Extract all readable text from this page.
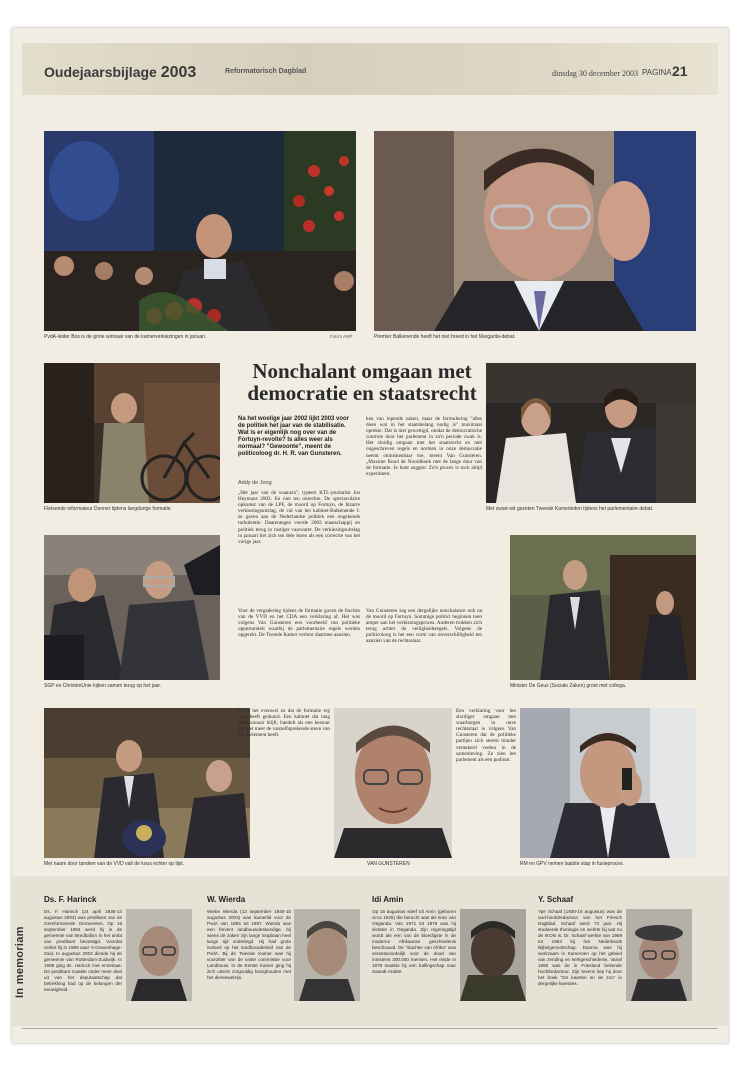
Oudejaarsbijlage 2003	Reformatorisch Dagblad	dinsdag 30 december 2003 PAGINA 21
PvdA-leider Bos is de grote winnaar van de kamerverkiezingen in januari.	Foto's ANP	Premier Balkenende heeft het niet breed in het Margarita-debat.
Fietsende informateur Donner tijdens langdurige formatie.
Nonchalant omgaan met
democratie en staatsrecht
Met zwart-wit gezeten Tweede Kamerleden tijdens het parlementaire debat.
Na het woelige jaar 2002 lijkt 2003 voor de politiek het jaar van de stabilisatie. Wat is er eigenlijk nog over van de Fortuyn-revolte? Is alles weer als normaal? "Gewoonte", meent de politicoloog dr. H. R. van Gunsteren.
Addy de Jong
„Het jaar van de waanzin", typeert KTL-journalist Jos Heymans 2002. En niet ten onrechte. De spectaculaire opkomst van de LPF, de moord op Fortuyn, de bizarre verkiezingsuitslag, de val van het kabinet-Balkenende I: ze gaven aan de Nederlandse politiek een ongekende turbulentie. Daarentegen voerde 2003 maatschappij en politiek terug in rustiger vaarwater. De verkiezingsuitslag in januari liet zich ten dele lezen als een correctie van het vorige jaar.
ken van lopende zaken, maar de formulering "alles doen wat in het staatsbelang nodig is" maximaal oprekte. Dat is niet gewettigd, omdat de democratische controle door het parlement in zo'n periode zwak is. Het slordig omgaan met het staatsrecht en met ongeschreven regels en normen in onze democratie neemt onmiskenbaar toe, meent Van Gunsteren. „Maxime Rood de Noordhoek met de lange duur van de formatie. Je kunt zeggen: Zo'n proces is toch altijd experiment.
SGP en ChristenUnie kijken samen terug op het jaar.	Minister De Geus (Sociale Zaken) groet met collega.
Voor de vergadering tijdens de formatie gaven de fracties van de VVD en het CDA een verklaring af. Het was volgens Van Gunsteren een voorbeeld van politieke opportuniteit waarbij de parlementaire regels werden opgerekt. De Tweede Kamer verloor daarmee aanzien.
Van Gunsteren zag een dergelijke nonchalance ook na de moord op Fortuyn. Sommige politici beginnen toen amper aan het verkiezingsproces. Anderen trokken zich terug achter de veiligheidsregels. Volgens de politicoloog is het een vorm van onverschilligheid ten aanzien van de rechtsstaat.
Met naam door tandem van de VVD valt de kous echter op lijst.
Nu is het evenwel zo dat de formatie erg lang heeft geduurd. Een kabinet dat lang demissionair blijft, handelt als een bestuur dat niet meer de vanzelfsprekende steun van het parlement heeft.
VAN GUNSTEREN
Een verklaring voor het slordiger omgaan met waarborgen in onze rechtsstaat is volgens Van Gunsteren dat de politieke partijen zich steeds minder verankerd voelen in de samenleving. Ze zien het parlement als een podium.
RM en GPV nemen laatste stap in fusieproces.
In memoriam
Ds. F. Harinck
Ds. F. Harinck (24 april 1935-14 augustus 2003) was predikant van de Gereformeerde Gemeenten. Op 16 september 1964 werd hij in de gemeente van Bredballon in het ambt van predikant bevestigd. Voordat verliet hij in 1969 naar 's-Gravenhage-Zuid. In augustus 2003 diende hij de gemeente van Rotterdam-Zuidwijk. In 1998 ging ds. Harinck met emeritaat. De predikant maakte onder meer deel uit van het deputaatschap dat betrekking had op de belangen der eeuwigheid.
W. Wierda
Wiebe Wierda (13 september 1948-15 augustus 2003) was kamerlid voor de PvdA van 1994 tot 1997. Wierda was een fervent landbouwdeskundige, bij wiens de zaken zijn lange loopbaan heel lange tijd onderlegd. Hij had grote invloed op het landbouwbeleid van de PvdA. Bij de Tweede Kamer was hij voorzitter van de vaste commissie voor Landbouw. In de Eerste Kamer ging hij zich uiterst zorgvuldig bezighouden met het dierenwelzijn.
Idi Amin
Op 16 augustus stierf Idi Amin (geboren circa 1925) die berucht was als tiran van Oeganda. Van 1971 tot 1979 was hij dictator in Oeganda. Zijn regeringstijd wordt als een van de bloedigste in de moderne Afrikaanse geschiedenis beschouwd. De "slachter van Afrika" was verantwoordelijk voor de dood van minstens 300.000 mensen. Het einde in 1979 maakte hij een ballingschap naar Saoedi-Arabië.
Y. Schaaf
Ype Schaaf (1930-16 augustus) was de oud-hoofdredacteur van het Friesch Dagblad. Schaaf werd 73 jaar. Hij studeerde theologie en werkte bij wat nu de IKON is. Dr. Schaaf werkte van 1959 tot 1963 bij het Nederlands Bijbelgenootschap. Daarna was hij werkzaam in Kameroen op het gebied van zending en kerkgeschiedenis. Vanaf 1990 was de in Friesland bekende hoofdredacteur. Zijn tevens liep hij door het boek "De kaarten en de zon" in dergelijke kwesties.
